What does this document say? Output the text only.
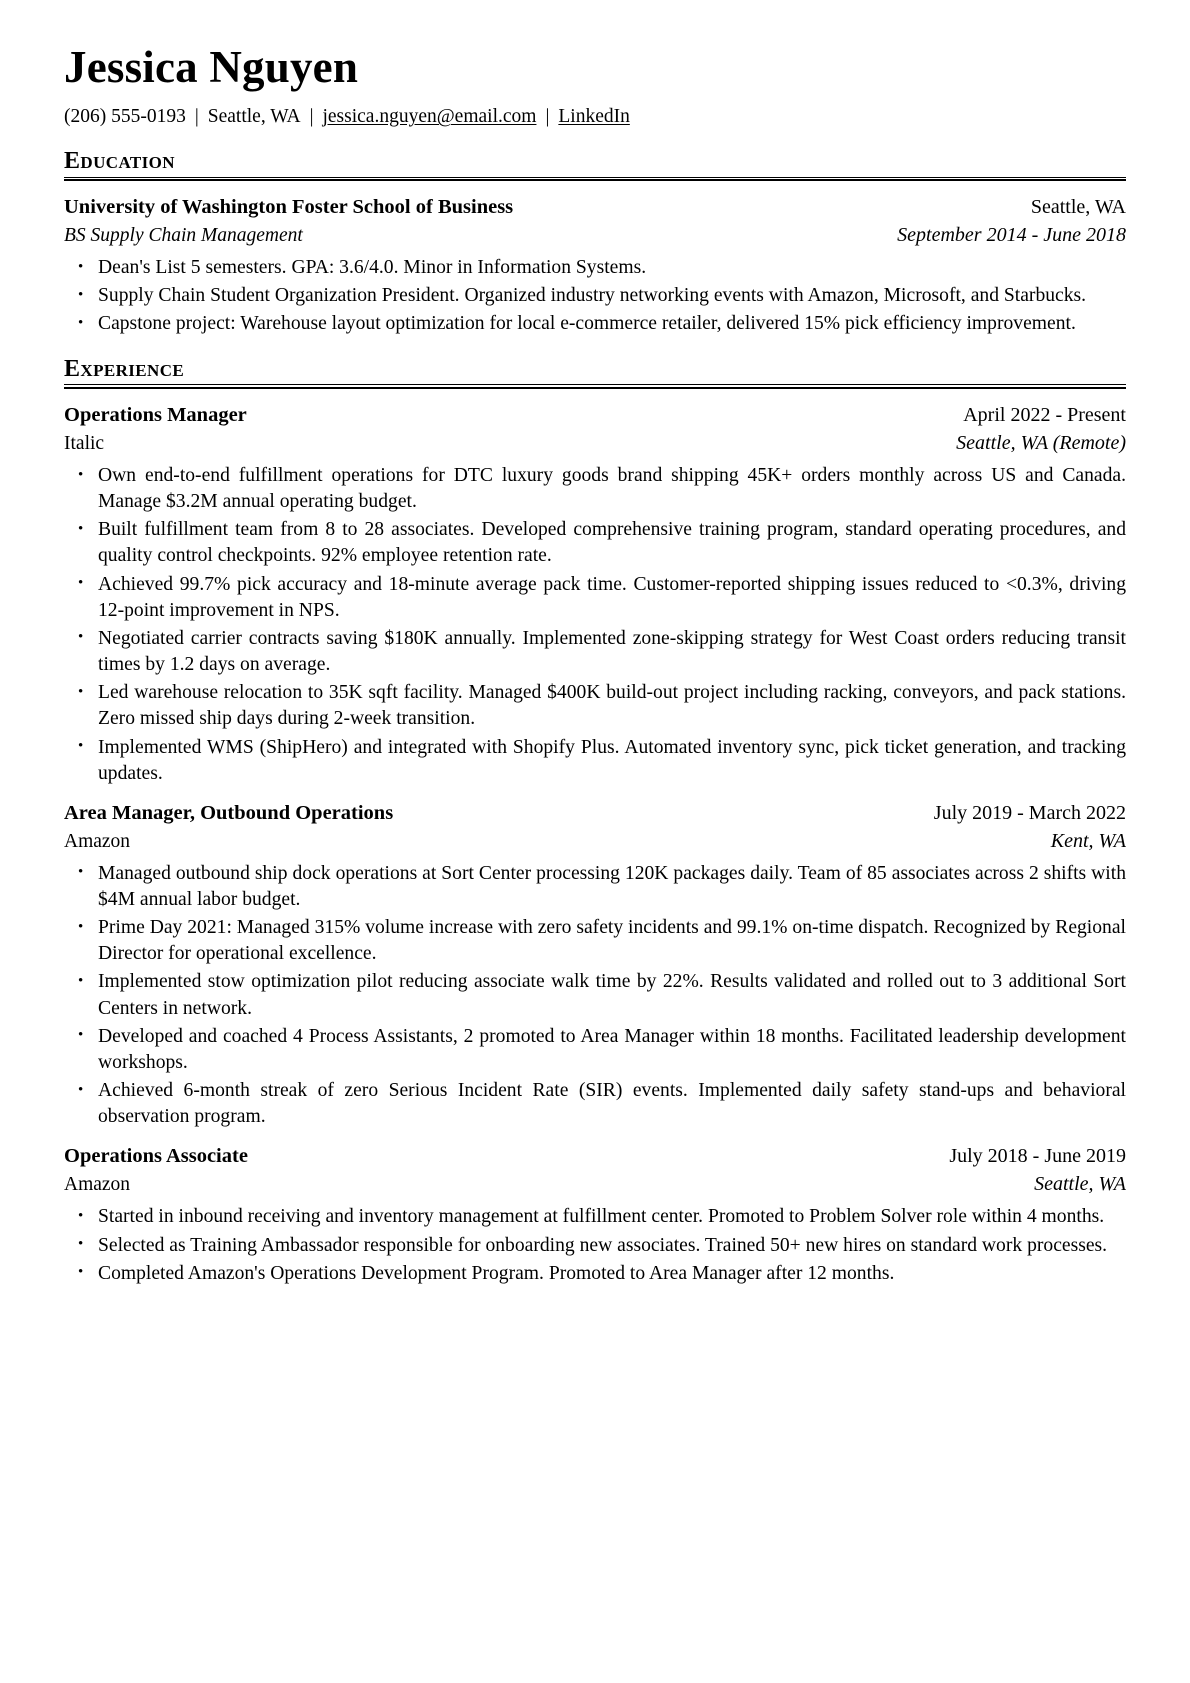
Jessica Nguyen
(206) 555-0193 | Seattle, WA | jessica.nguyen@email.com | LinkedIn
Education
University of Washington Foster School of Business	Seattle, WA
BS Supply Chain Management	September 2014 - June 2018
• Dean's List 5 semesters. GPA: 3.6/4.0. Minor in Information Systems.
• Supply Chain Student Organization President. Organized industry networking events with Amazon, Microsoft, and Starbucks.
• Capstone project: Warehouse layout optimization for local e-commerce retailer, delivered 15% pick efficiency improvement.
Experience
Operations Manager	April 2022 - Present
Italic	Seattle, WA (Remote)
• Own end-to-end fulfillment operations for DTC luxury goods brand shipping 45K+ orders monthly across US and Canada. Manage $3.2M annual operating budget.
• Built fulfillment team from 8 to 28 associates. Developed comprehensive training program, standard operating procedures, and quality control checkpoints. 92% employee retention rate.
• Achieved 99.7% pick accuracy and 18-minute average pack time. Customer-reported shipping issues reduced to <0.3%, driving 12-point improvement in NPS.
• Negotiated carrier contracts saving $180K annually. Implemented zone-skipping strategy for West Coast orders reducing transit times by 1.2 days on average.
• Led warehouse relocation to 35K sqft facility. Managed $400K build-out project including racking, conveyors, and pack stations. Zero missed ship days during 2-week transition.
• Implemented WMS (ShipHero) and integrated with Shopify Plus. Automated inventory sync, pick ticket generation, and tracking updates.
Area Manager, Outbound Operations	July 2019 - March 2022
Amazon	Kent, WA
• Managed outbound ship dock operations at Sort Center processing 120K packages daily. Team of 85 associates across 2 shifts with $4M annual labor budget.
• Prime Day 2021: Managed 315% volume increase with zero safety incidents and 99.1% on-time dispatch. Recognized by Regional Director for operational excellence.
• Implemented stow optimization pilot reducing associate walk time by 22%. Results validated and rolled out to 3 additional Sort Centers in network.
• Developed and coached 4 Process Assistants, 2 promoted to Area Manager within 18 months. Facilitated leadership development workshops.
• Achieved 6-month streak of zero Serious Incident Rate (SIR) events. Implemented daily safety stand-ups and behavioral observation program.
Operations Associate	July 2018 - June 2019
Amazon	Seattle, WA
• Started in inbound receiving and inventory management at fulfillment center. Promoted to Problem Solver role within 4 months.
• Selected as Training Ambassador responsible for onboarding new associates. Trained 50+ new hires on standard work processes.
• Completed Amazon's Operations Development Program. Promoted to Area Manager after 12 months.
